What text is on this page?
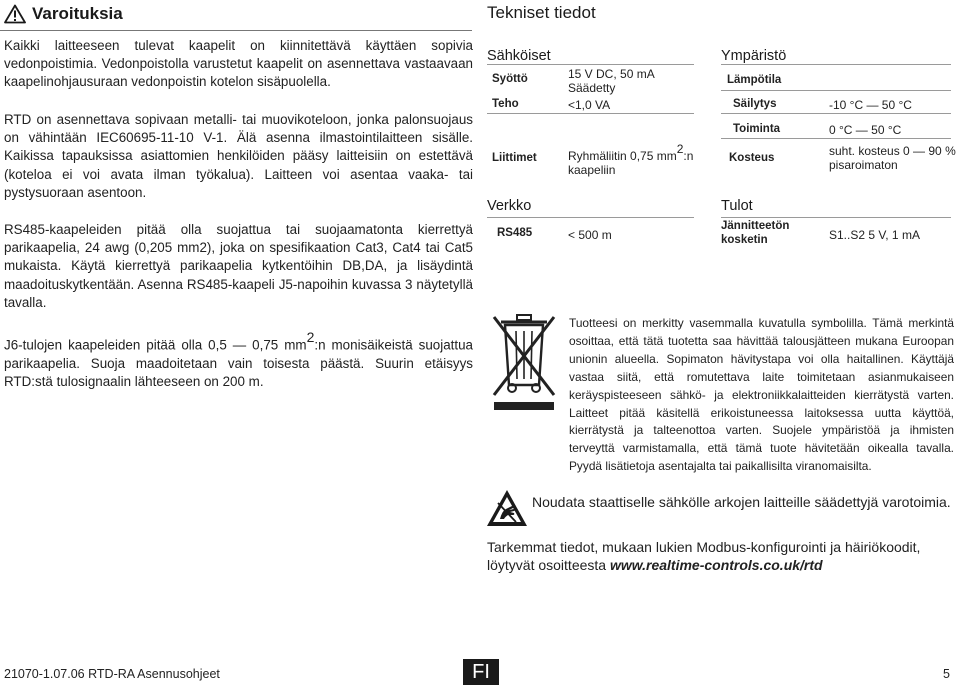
Varoituksia
Kaikki laitteeseen tulevat kaapelit on kiinnitettävä käyttäen sopivia vedonpoistimia. Vedonpoistolla varustetut kaapelit on asennettava vastaavaan kaapelinohjausuraan vedonpoistin kotelon sisäpuolella.
RTD on asennettava sopivaan metalli- tai muovikoteloon, jonka palonsuojaus on vähintään IEC60695-11-10 V-1. Älä asenna ilmastointilaitteen sisälle. Kaikissa tapauksissa asiattomien henkilöiden pääsy laitteisiin on estettävä (koteloa ei voi avata ilman työkalua). Laitteen voi asentaa vaaka- tai pystysuoraan asentoon.
RS485-kaapeleiden pitää olla suojattua tai suojaamatonta kierrettyä parikaapelia, 24 awg (0,205 mm2), joka on spesifikaation Cat3, Cat4 tai Cat5 mukaista. Käytä kierrettyä parikaapelia kytkentöihin DB,DA, ja lisäydintä maadoituskytkentään. Asenna RS485-kaapeli J5-napoihin kuvassa 3 näytetyllä tavalla.
J6-tulojen kaapeleiden pitää olla 0,5 — 0,75 $mm^2:n$ monisäikeistä suojattua parikaapelia. Suoja maadoitetaan vain toisesta päästä. Suurin etäisyys RTD:stä tulosignaalin lähteeseen on 200 m.
Tekniset tiedot
Sähköiset
Syöttö	15 V DC, 50 mA
Säädetty
Teho	<1,0 VA
Liittimet	Ryhmäliitin 0,75 $mm^2:n$
kaapeliin
Ympäristö
Lämpötila
Säilytys	-10 °C — 50 °C
Toiminta	0 °C — 50 °C
Kosteus	suht. kosteus 0 — 90 %
pisaroimaton
Verkko
RS485	< 500 m
Tulot
Jännitteetön
kosketin	S1..S2 5 V, 1 mA
Tuotteesi on merkitty vasemmalla kuvatulla symbolilla. Tämä merkintä osoittaa, että tätä tuotetta saa hävittää talousjätteen mukana Euroopan unionin alueella. Sopimaton hävitystapa voi olla haitallinen. Käyttäjä vastaa siitä, että romutettava laite toimitetaan asianmukaiseen keräyspisteeseen sähkö- ja elektroniikkalaitteiden kierrätystä varten. Laitteet pitää käsitellä erikoistuneessa laitoksessa uutta käyttöä, kierrätystä ja talteenottoa varten. Suojele ympäristöä ja ihmisten terveyttä varmistamalla, että tämä tuote hävitetään oikealla tavalla. Pyydä lisätietoja asentajalta tai paikallisilta viranomaisilta.
Noudata staattiselle sähkölle arkojen laitteille säädettyjä varotoimia.
Tarkemmat tiedot, mukaan lukien Modbus-konfigurointi ja häiriökoodit, löytyvät osoitteesta www.realtime-controls.co.uk/rtd
21070-1.07.06 RTD-RA Asennusohjeet	FI	5
